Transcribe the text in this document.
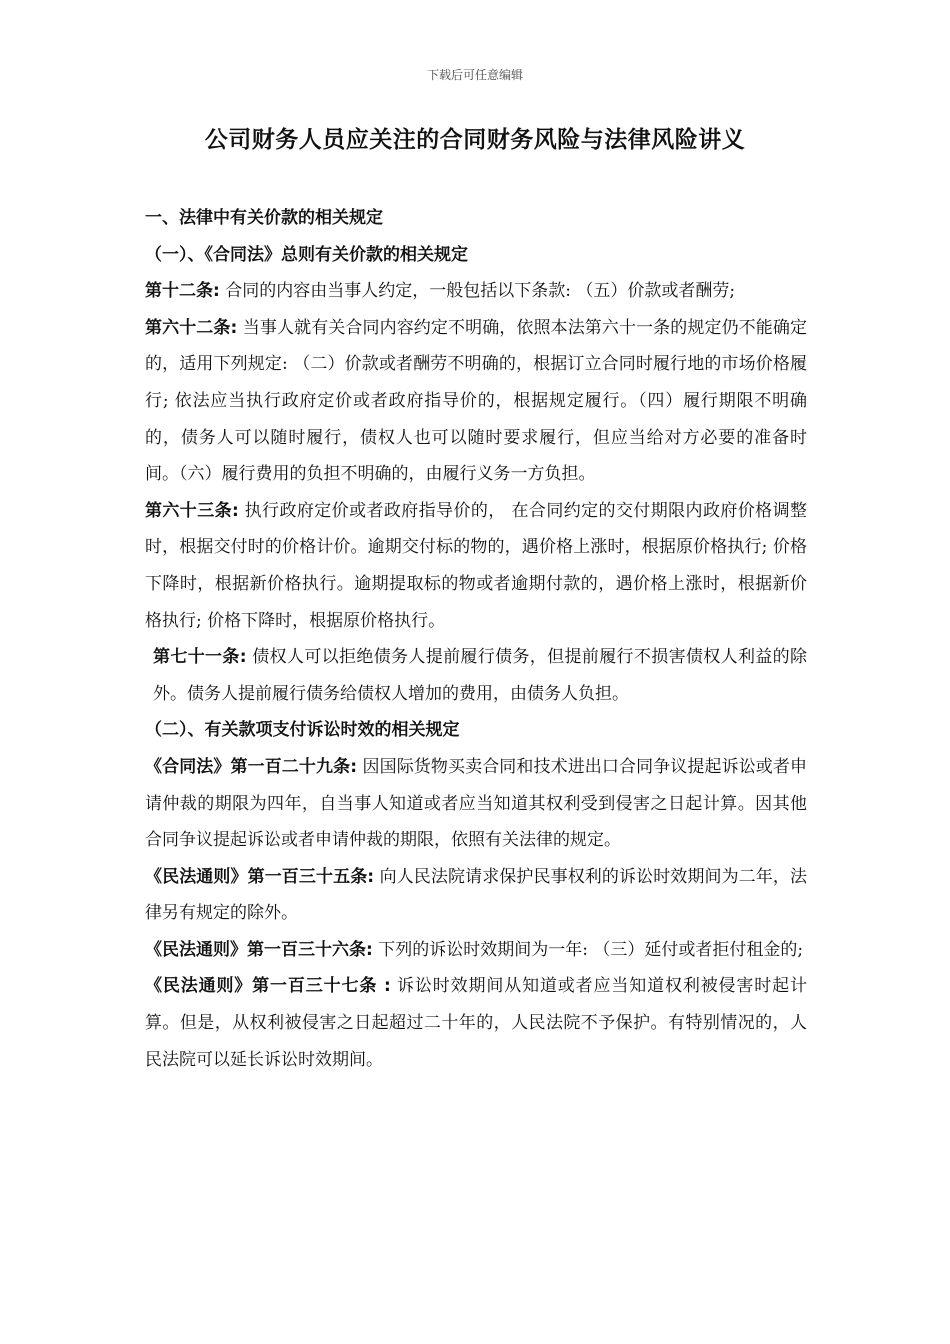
下载后可任意编辑
公司财务人员应关注的合同财务风险与法律风险讲义

一、法律中有关价款的相关规定

（一）、《合同法》总则有关价款的相关规定

第十二条: 合同的内容由当事人约定，一般包括以下条款: （五）价款或者酬劳;

第六十二条: 当事人就有关合同内容约定不明确，依照本法第六十一条的规定仍不能确定的，适用下列规定: （二）价款或者酬劳不明确的，根据订立合同时履行地的市场价格履行; 依法应当执行政府定价或者政府指导价的，根据规定履行。（四）履行期限不明确的，债务人可以随时履行，债权人也可以随时要求履行，但应当给对方必要的准备时间。（六）履行费用的负担不明确的，由履行义务一方负担。

第六十三条: 执行政府定价或者政府指导价的， 在合同约定的交付期限内政府价格调整时，根据交付时的价格计价。逾期交付标的物的，遇价格上涨时，根据原价格执行; 价格下降时，根据新价格执行。逾期提取标的物或者逾期付款的，遇价格上涨时，根据新价格执行; 价格下降时，根据原价格执行。

第七十一条: 债权人可以拒绝债务人提前履行债务，但提前履行不损害债权人利益的除外。债务人提前履行债务给债权人增加的费用，由债务人负担。

（二）、有关款项支付诉讼时效的相关规定

《合同法》第一百二十九条: 因国际货物买卖合同和技术进出口合同争议提起诉讼或者申请仲裁的期限为四年，自当事人知道或者应当知道其权利受到侵害之日起计算。因其他合同争议提起诉讼或者申请仲裁的期限，依照有关法律的规定。

《民法通则》第一百三十五条: 向人民法院请求保护民事权利的诉讼时效期间为二年，法律另有规定的除外。

《民法通则》第一百三十六条: 下列的诉讼时效期间为一年: （三）延付或者拒付租金的;

《民法通则》第一百三十七条 : 诉讼时效期间从知道或者应当知道权利被侵害时起计算。但是，从权利被侵害之日起超过二十年的，人民法院不予保护。有特别情况的，人民法院可以延长诉讼时效期间。
